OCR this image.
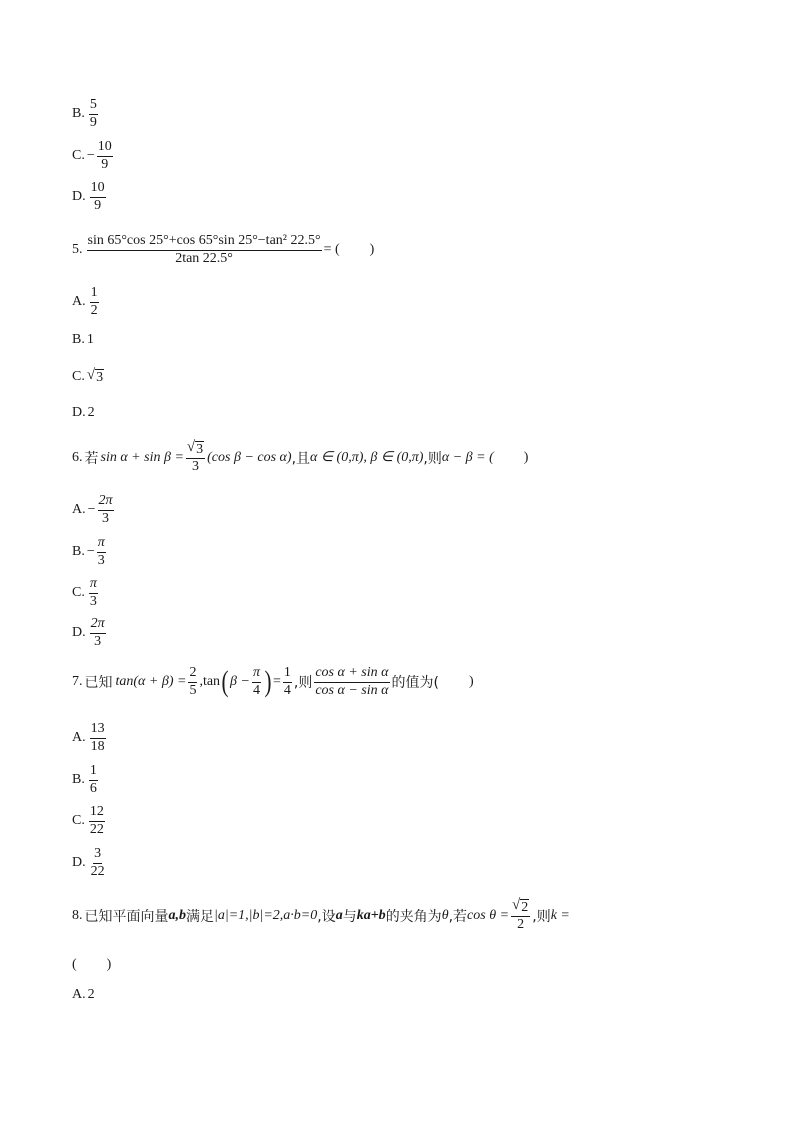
B. $\frac{5}{9}$
C. − $\frac{10}{9}$
D. $\frac{10}{9}$
5. $\frac{\text{sin 65°cos 25°+cos 65°sin 25°−tan² 22.5°}}{2\tan 22.5^\circ}$ = ( )
A. $\frac{1}{2}$
B. 1
C. √ 3
D. 2
6. 若 $\sin \alpha + \sin \beta = \frac{√ 3}{3} (\cos$ β − cos α) ,且 α ∈ (0,π), β ∈ (0,π) ,则 α − β = ( )
A. − $\frac{2\pi}{3}$
B. − $\frac{\pi}{3}$
C. $\frac{\pi}{3}$
D. $\frac{2\pi}{3}$
7. 已知 $\tan(\alpha + \beta) = \frac{2}{5} ,\tan$ ( $\beta - \frac{\pi}{4}$ ) = $\frac{1}{4}$ ,则 $\frac{\text{cos α + sin α}}{\text{cos α − sin α}}$ 的值为( )
A. $\frac{13}{18}$
B. $\frac{1}{6}$
C. $\frac{12}{22}$
D. $\frac{3}{22}$
8. 已知平面向量 a,b 满足 |a|=1,|b|=2,a·b=0 ,设 a 与 ka+b 的夹角为 θ ,若 $\cos \theta = \frac{√ 2}{2}$ ,则 k =
( )
A. 2
